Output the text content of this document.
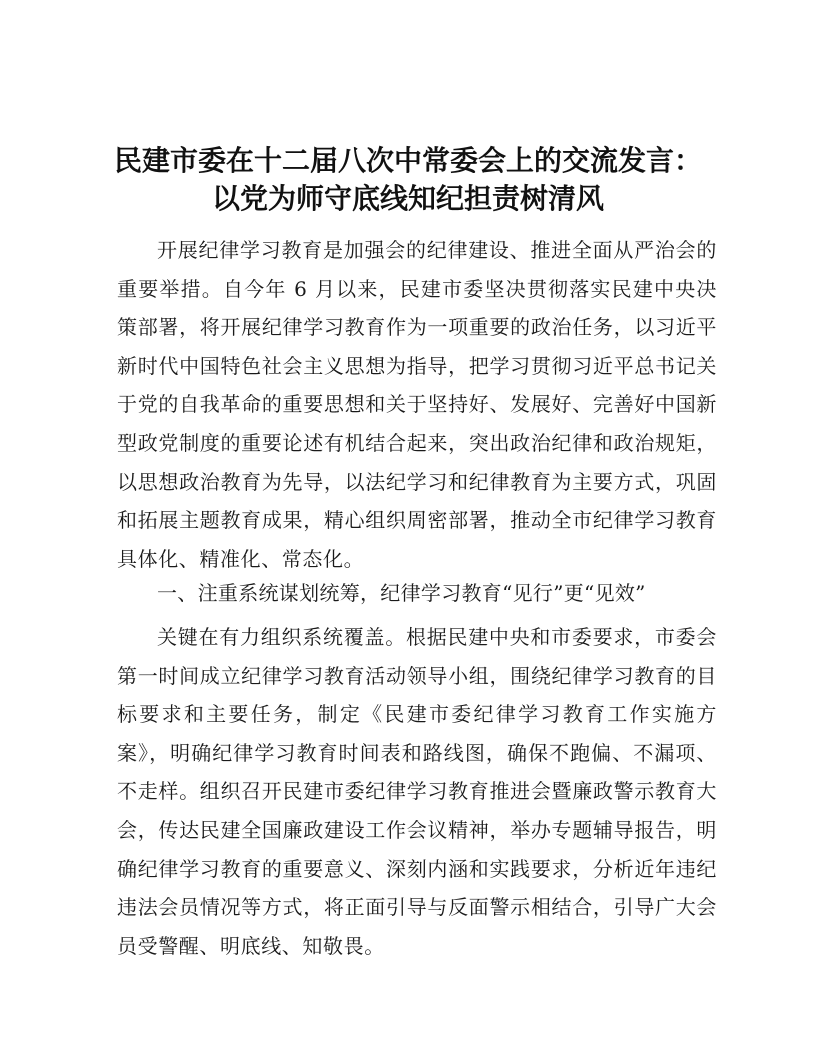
民建市委在十二届八次中常委会上的交流发言：
以党为师守底线知纪担责树清风

开展纪律学习教育是加强会的纪律建设、推进全面从严治会的重要举措。自今年 6 月以来，民建市委坚决贯彻落实民建中央决策部署，将开展纪律学习教育作为一项重要的政治任务，以习近平新时代中国特色社会主义思想为指导，把学习贯彻习近平总书记关于党的自我革命的重要思想和关于坚持好、发展好、完善好中国新型政党制度的重要论述有机结合起来，突出政治纪律和政治规矩，以思想政治教育为先导，以法纪学习和纪律教育为主要方式，巩固和拓展主题教育成果，精心组织周密部署，推动全市纪律学习教育具体化、精准化、常态化。

一、注重系统谋划统筹，纪律学习教育“见行”更“见效”

关键在有力组织系统覆盖。根据民建中央和市委要求，市委会第一时间成立纪律学习教育活动领导小组，围绕纪律学习教育的目标要求和主要任务，制定《民建市委纪律学习教育工作实施方案》，明确纪律学习教育时间表和路线图，确保不跑偏、不漏项、不走样。组织召开民建市委纪律学习教育推进会暨廉政警示教育大会，传达民建全国廉政建设工作会议精神，举办专题辅导报告，明确纪律学习教育的重要意义、深刻内涵和实践要求，分析近年违纪违法会员情况等方式，将正面引导与反面警示相结合，引导广大会员受警醒、明底线、知敬畏。
